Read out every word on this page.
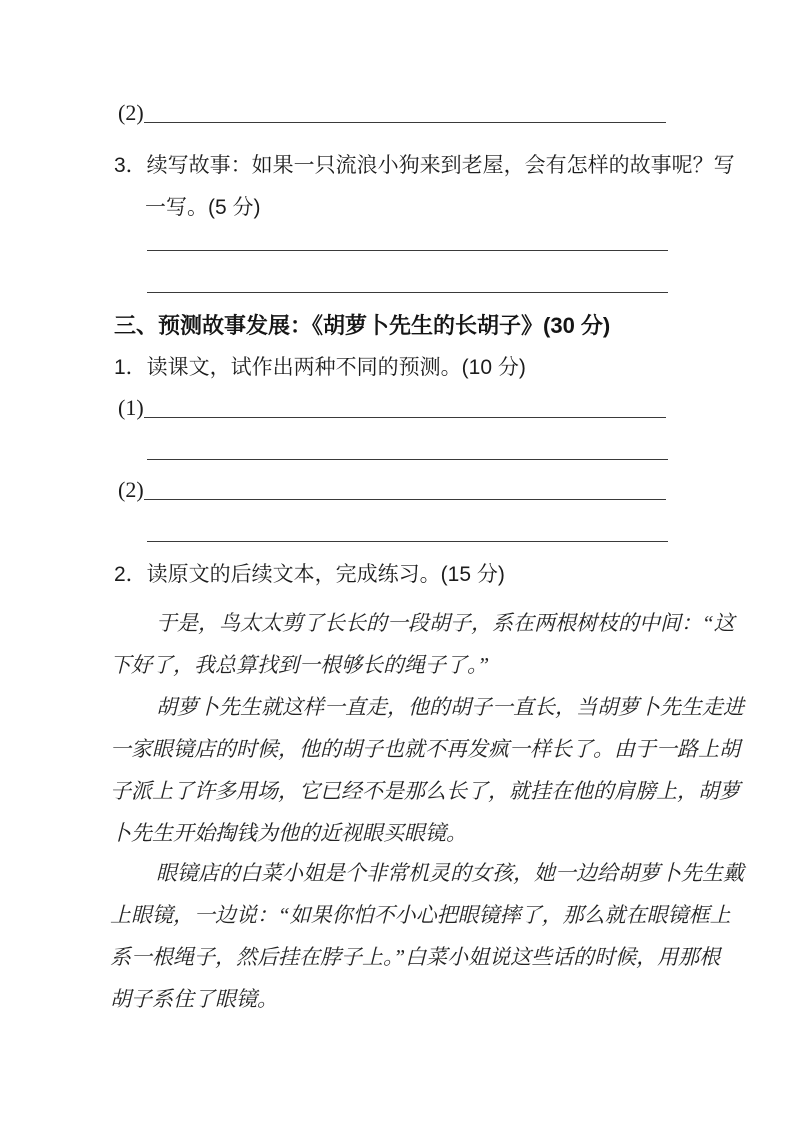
(2)
3．续写故事：如果一只流浪小狗来到老屋，会有怎样的故事呢？写
一写。(5 分)
三、预测故事发展：《胡萝卜先生的长胡子》(30 分)
1．读课文，试作出两种不同的预测。(10 分)
(1)
(2)
2．读原文的后续文本，完成练习。(15 分)
于是，鸟太太剪了长长的一段胡子，系在两根树枝的中间：“这
下好了，我总算找到一根够长的绳子了。”
胡萝卜先生就这样一直走，他的胡子一直长，当胡萝卜先生走进
一家眼镜店的时候，他的胡子也就不再发疯一样长了。由于一路上胡
子派上了许多用场，它已经不是那么长了，就挂在他的肩膀上，胡萝
卜先生开始掏钱为他的近视眼买眼镜。
眼镜店的白菜小姐是个非常机灵的女孩，她一边给胡萝卜先生戴
上眼镜，一边说：“如果你怕不小心把眼镜摔了，那么就在眼镜框上
系一根绳子，然后挂在脖子上。”白菜小姐说这些话的时候，用那根
胡子系住了眼镜。
